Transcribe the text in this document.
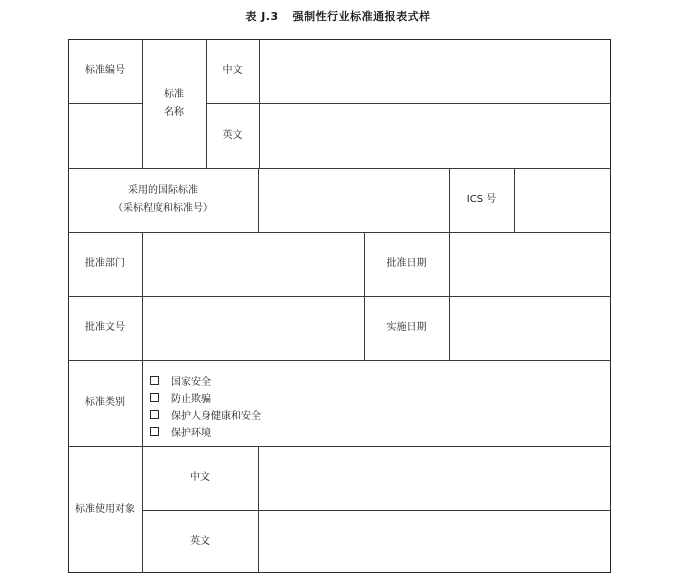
表 J.3 强制性行业标准通报表式样
标准编号
标准
名称
中文
英文
采用的国际标准
（采标程度和标准号）
ICS 号
批准部门	批准日期
批准文号	实施日期
标准类别
国家安全
防止欺骗
保护人身健康和安全
保护环境
标准使用对象
中文
英文
